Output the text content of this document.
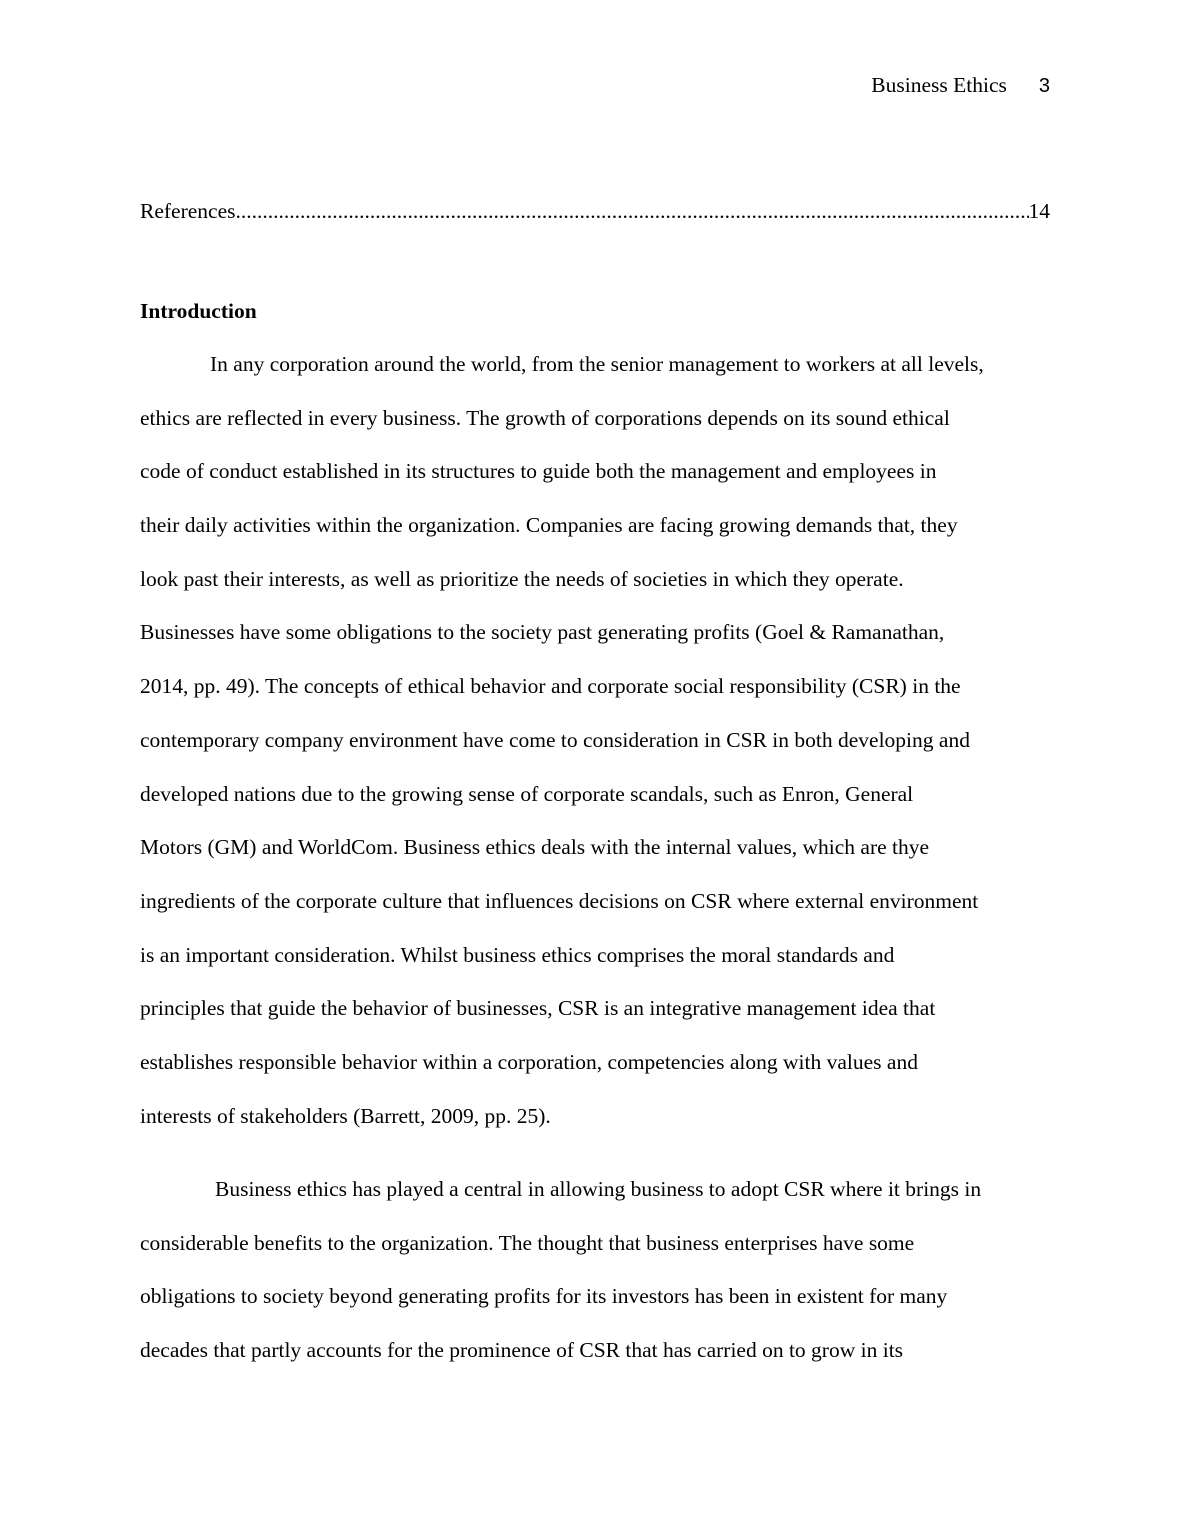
Business Ethics 3
References
.....	14
Introduction
In any corporation around the world, from the senior management to workers at all levels,
ethics are reflected in every business. The growth of corporations depends on its sound ethical
code of conduct established in its structures to guide both the management and employees in
their daily activities within the organization. Companies are facing growing demands that, they
look past their interests, as well as prioritize the needs of societies in which they operate.
Businesses have some obligations to the society past generating profits (Goel & Ramanathan,
2014, pp. 49). The concepts of ethical behavior and corporate social responsibility (CSR) in the
contemporary company environment have come to consideration in CSR in both developing and
developed nations due to the growing sense of corporate scandals, such as Enron, General
Motors (GM) and WorldCom. Business ethics deals with the internal values, which are thye
ingredients of the corporate culture that influences decisions on CSR where external environment
is an important consideration. Whilst business ethics comprises the moral standards and
principles that guide the behavior of businesses, CSR is an integrative management idea that
establishes responsible behavior within a corporation, competencies along with values and
interests of stakeholders (Barrett, 2009, pp. 25).
Business ethics has played a central in allowing business to adopt CSR where it brings in
considerable benefits to the organization. The thought that business enterprises have some
obligations to society beyond generating profits for its investors has been in existent for many
decades that partly accounts for the prominence of CSR that has carried on to grow in its
